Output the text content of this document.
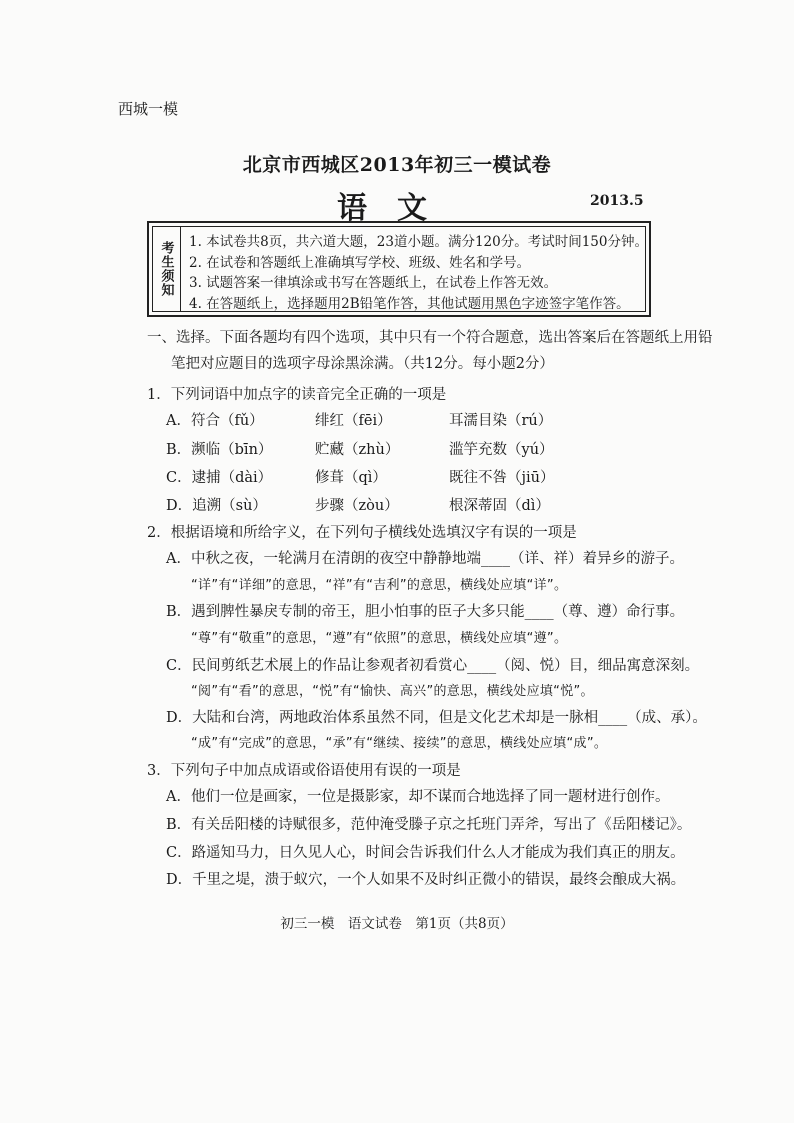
西城一模
北京市西城区2013年初三一模试卷
语文	2013.5
考生须知	1. 本试卷共8页，共六道大题，23道小题。满分120分。考试时间150分钟。
2. 在试卷和答题纸上准确填写学校、班级、姓名和学号。
3. 试题答案一律填涂或书写在答题纸上，在试卷上作答无效。
4. 在答题纸上，选择题用2B铅笔作答，其他试题用黑色字迹签字笔作答。
一、选择。下面各题均有四个选项，其中只有一个符合题意，选出答案后在答题纸上用铅
笔把对应题目的选项字母涂黑涂满。（共12分。每小题2分）
1．下列词语中加点字的读音完全正确的一项是
A．符合（fǔ）	绯红（fēi）	耳濡目染（rú）
B．濒临（bīn）	贮藏（zhù）	滥竽充数（yú）
C．逮捕（dài）	修葺（qì）	既往不咎（jiū）
D．追溯（sù）	步骤（zòu）	根深蒂固（dì）
2．根据语境和所给字义，在下列句子横线处选填汉字有误的一项是
A．中秋之夜，一轮满月在清朗的夜空中静静地端____（详、祥）着异乡的游子。
“详”有“详细”的意思，“祥”有“吉利”的意思，横线处应填“详”。
B．遇到脾性暴戾专制的帝王，胆小怕事的臣子大多只能____（尊、遵）命行事。
“尊”有“敬重”的意思，“遵”有“依照”的意思，横线处应填“遵”。
C．民间剪纸艺术展上的作品让参观者初看赏心____（阅、悦）目，细品寓意深刻。
“阅”有“看”的意思，“悦”有“愉快、高兴”的意思，横线处应填“悦”。
D．大陆和台湾，两地政治体系虽然不同，但是文化艺术却是一脉相____（成、承）。
“成”有“完成”的意思，“承”有“继续、接续”的意思，横线处应填“成”。
3．下列句子中加点成语或俗语使用有误的一项是
A．他们一位是画家，一位是摄影家，却不谋而合地选择了同一题材进行创作。
B．有关岳阳楼的诗赋很多，范仲淹受滕子京之托班门弄斧，写出了《岳阳楼记》。
C．路遥知马力，日久见人心，时间会告诉我们什么人才能成为我们真正的朋友。
D．千里之堤，溃于蚁穴，一个人如果不及时纠正微小的错误，最终会酿成大祸。
初三一模　语文试卷　第1页（共8页）
